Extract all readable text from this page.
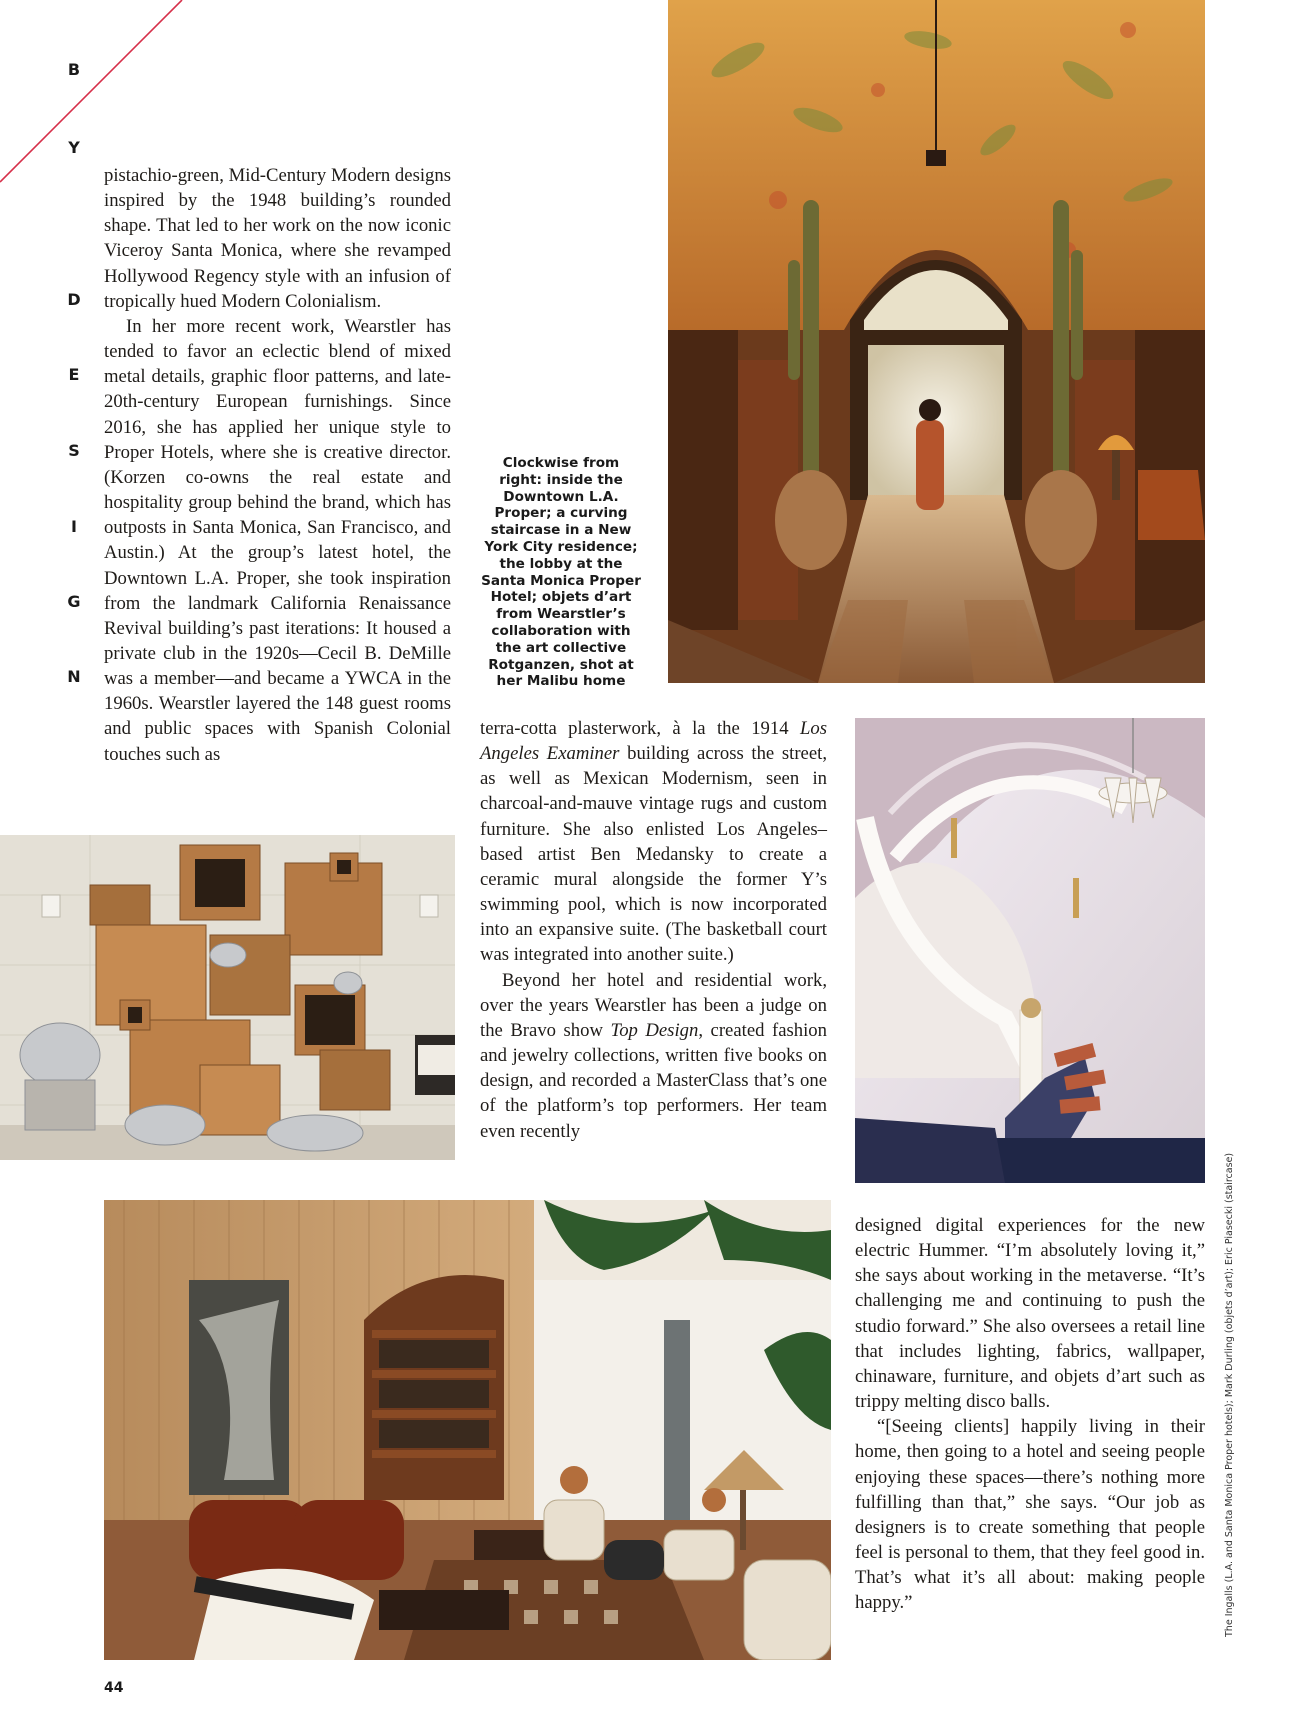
B
Y
D
E
S
I
G
N

pistachio-green, Mid-Century Modern designs inspired by the 1948 building’s rounded shape. That led to her work on the now iconic Viceroy Santa Monica, where she revamped Hollywood Regency style with an infusion of tropically hued Modern Colonialism.

In her more recent work, Wearstler has tended to favor an eclectic blend of mixed metal details, graphic floor patterns, and late-20th-century European furnishings. Since 2016, she has applied her unique style to Proper Hotels, where she is creative director. (Korzen co-owns the real estate and hospitality group behind the brand, which has outposts in Santa Monica, San Francisco, and Austin.) At the group’s latest hotel, the Downtown L.A. Proper, she took inspiration from the landmark California Renaissance Revival building’s past iterations: It housed a private club in the 1920s—Cecil B. DeMille was a member—and became a YWCA in the 1960s. Wearstler layered the 148 guest rooms and public spaces with Spanish Colonial touches such as

Clockwise from right: inside the Downtown L.A. Proper; a curving staircase in a New York City residence; the lobby at the Santa Monica Proper Hotel; objets d’art from Wearstler’s collaboration with the art collective Rotganzen, shot at her Malibu home

terra-cotta plasterwork, à la the 1914 Los Angeles Examiner building across the street, as well as Mexican Modernism, seen in charcoal-and-mauve vintage rugs and custom furniture. She also enlisted Los Angeles–based artist Ben Medansky to create a ceramic mural alongside the former Y’s swimming pool, which is now incorporated into an expansive suite. (The basketball court was integrated into another suite.)

Beyond her hotel and residential work, over the years Wearstler has been a judge on the Bravo show Top Design, created fashion and jewelry collections, written five books on design, and recorded a MasterClass that’s one of the platform’s top performers. Her team even recently

designed digital experiences for the new electric Hummer. “I’m absolutely loving it,” she says about working in the metaverse. “It’s challenging me and continuing to push the studio forward.” She also oversees a retail line that includes lighting, fabrics, wallpaper, chinaware, furniture, and objets d’art such as trippy melting disco balls.

“[Seeing clients] happily living in their home, then going to a hotel and seeing people enjoying these spaces—there’s nothing more fulfilling than that,” she says. “Our job as designers is to create something that people feel is personal to them, that they feel good in. That’s what it’s all about: making people happy.”	The Ingalls (L.A. and Santa Monica Proper hotels); Mark Durling (objets d’art); Eric Piasecki (staircase)
44
